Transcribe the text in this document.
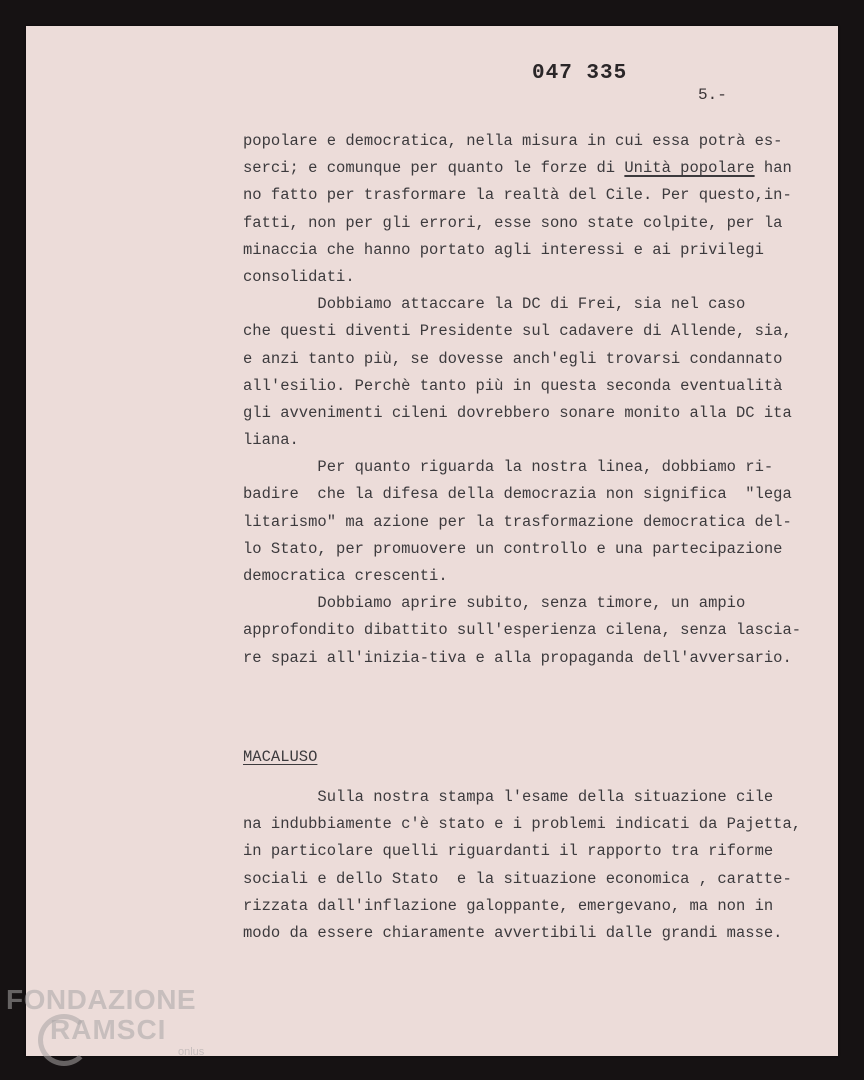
047 335
5.-
popolare e democratica, nella misura in cui essa potrà es-
serci; e comunque per quanto le forze di Unità popolare han
no fatto per trasformare la realtà del Cile. Per questo,in-
fatti, non per gli errori, esse sono state colpite, per la
minaccia che hanno portato agli interessi e ai privilegi
consolidati.
Dobbiamo attaccare la DC di Frei, sia nel caso
che questi diventi Presidente sul cadavere di Allende, sia,
e anzi tanto più, se dovesse anch'egli trovarsi condannato
all'esilio. Perchè tanto più in questa seconda eventualità
gli avvenimenti cileni dovrebbero sonare monito alla DC ita
liana.
Per quanto riguarda la nostra linea, dobbiamo ri-
badire  che la difesa della democrazia non significa  "lega
litarismo" ma azione per la trasformazione democratica del-
lo Stato, per promuovere un controllo e una partecipazione
democratica crescenti.
Dobbiamo aprire subito, senza timore, un ampio
approfondito dibattito sull'esperienza cilena, senza lascia-
re spazi all'inizia-tiva e alla propaganda dell'avversario.
MACALUSO
Sulla nostra stampa l'esame della situazione cile
na indubbiamente c'è stato e i problemi indicati da Pajetta,
in particolare quelli riguardanti il rapporto tra riforme
sociali e dello Stato  e la situazione economica , caratte-
rizzata dall'inflazione galoppante, emergevano, ma non in
modo da essere chiaramente avvertibili dalle grandi masse.
FONDAZIONE
RAMSCI
onlus
